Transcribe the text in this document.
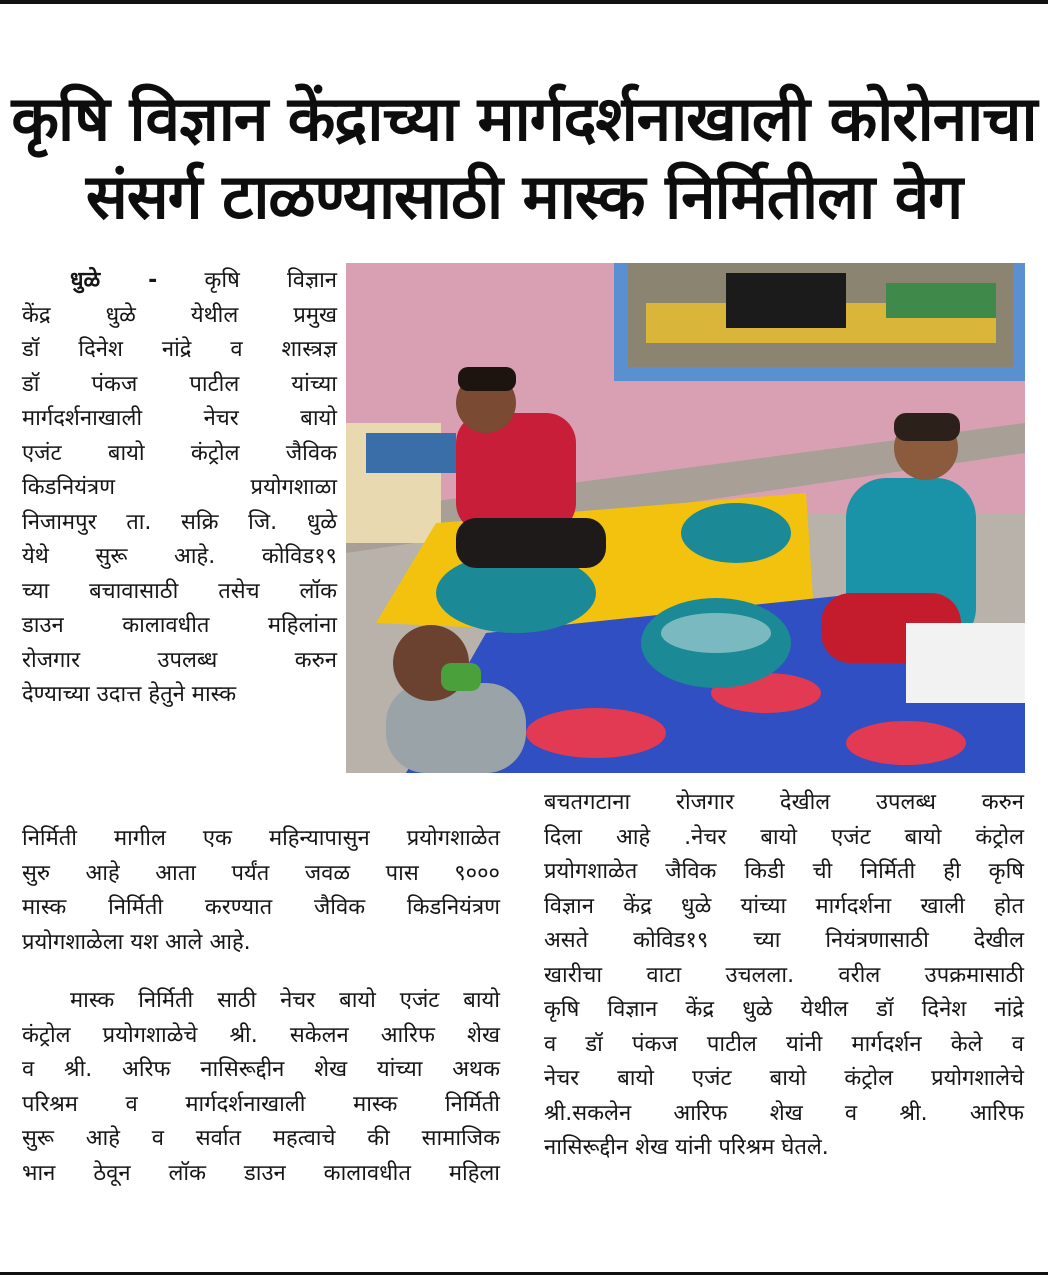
कृषि विज्ञान केंद्राच्या मार्गदर्शनाखाली कोरोनाचा
संसर्ग टाळण्यासाठी मास्क निर्मितीला वेग

धुळे - कृषि विज्ञान

केंद्र धुळे येथील प्रमुख

डॉ दिनेश नांद्रे व शास्त्रज्ञ

डॉ पंकज पाटील यांच्या

मार्गदर्शनाखाली नेचर बायो

एजंट बायो कंट्रोल जैविक

किडनियंत्रण प्रयोगशाळा

निजामपुर ता. सक्रि जि. धुळे

येथे सुरू आहे. कोविड१९

च्या बचावासाठी तसेच लॉक

डाउन कालावधीत महिलांना

रोजगार उपलब्ध करुन

देण्याच्या उदात्त हेतुने मास्क

निर्मिती मागील एक महिन्यापासुन प्रयोगशाळेत

सुरु आहे आता पर्यंत जवळ पास ९०००

मास्क निर्मिती करण्यात जैविक किडनियंत्रण

प्रयोगशाळेला यश आले आहे.

मास्क निर्मिती साठी नेचर बायो एजंट बायो

कंट्रोल प्रयोगशाळेचे श्री. सकेलन आरिफ शेख

व श्री. अरिफ नासिरूद्दीन शेख यांच्या अथक

परिश्रम व मार्गदर्शनाखाली मास्क निर्मिती

सुरू आहे व सर्वात महत्वाचे की सामाजिक

भान ठेवून लॉक डाउन कालावधीत महिला

बचतगटाना रोजगार देखील उपलब्ध करुन

दिला आहे .नेचर बायो एजंट बायो कंट्रोल

प्रयोगशाळेत जैविक किडी ची निर्मिती ही कृषि

विज्ञान केंद्र धुळे यांच्या मार्गदर्शना खाली होत

असते कोविड१९ च्या नियंत्रणासाठी देखील

खारीचा वाटा उचलला. वरील उपक्रमासाठी

कृषि विज्ञान केंद्र धुळे येथील डॉ दिनेश नांद्रे

व डॉ पंकज पाटील यांनी मार्गदर्शन केले व

नेचर बायो एजंट बायो कंट्रोल प्रयोगशालेचे

श्री.सकलेन आरिफ शेख व श्री. आरिफ

नासिरूद्दीन शेख यांनी परिश्रम घेतले.
